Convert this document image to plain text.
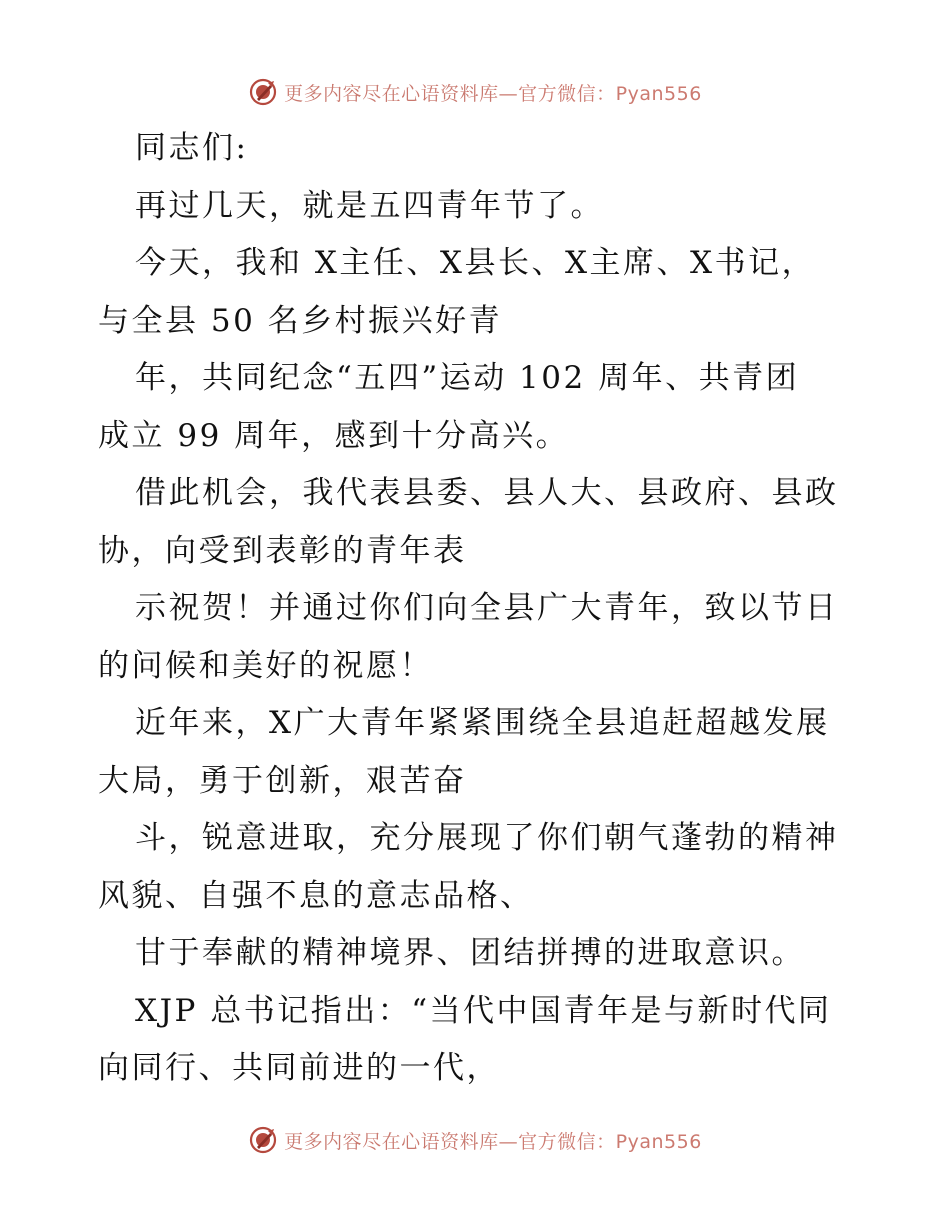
更多内容尽在心语资料库—官方微信：Pyan556
同志们:
再过几天，就是五四青年节了。
今天，我和 X主任、X县长、X主席、X书记，
与全县 50 名乡村振兴好青
年，共同纪念“五四”运动 102 周年、共青团
成立 99 周年，感到十分高兴。
借此机会，我代表县委、县人大、县政府、县政
协，向受到表彰的青年表
示祝贺！并通过你们向全县广大青年，致以节日
的问候和美好的祝愿！
近年来，X广大青年紧紧围绕全县追赶超越发展
大局，勇于创新，艰苦奋
斗，锐意进取，充分展现了你们朝气蓬勃的精神
风貌、自强不息的意志品格、
甘于奉献的精神境界、团结拼搏的进取意识。
XJP 总书记指出：“当代中国青年是与新时代同
向同行、共同前进的一代，
更多内容尽在心语资料库—官方微信：Pyan556
